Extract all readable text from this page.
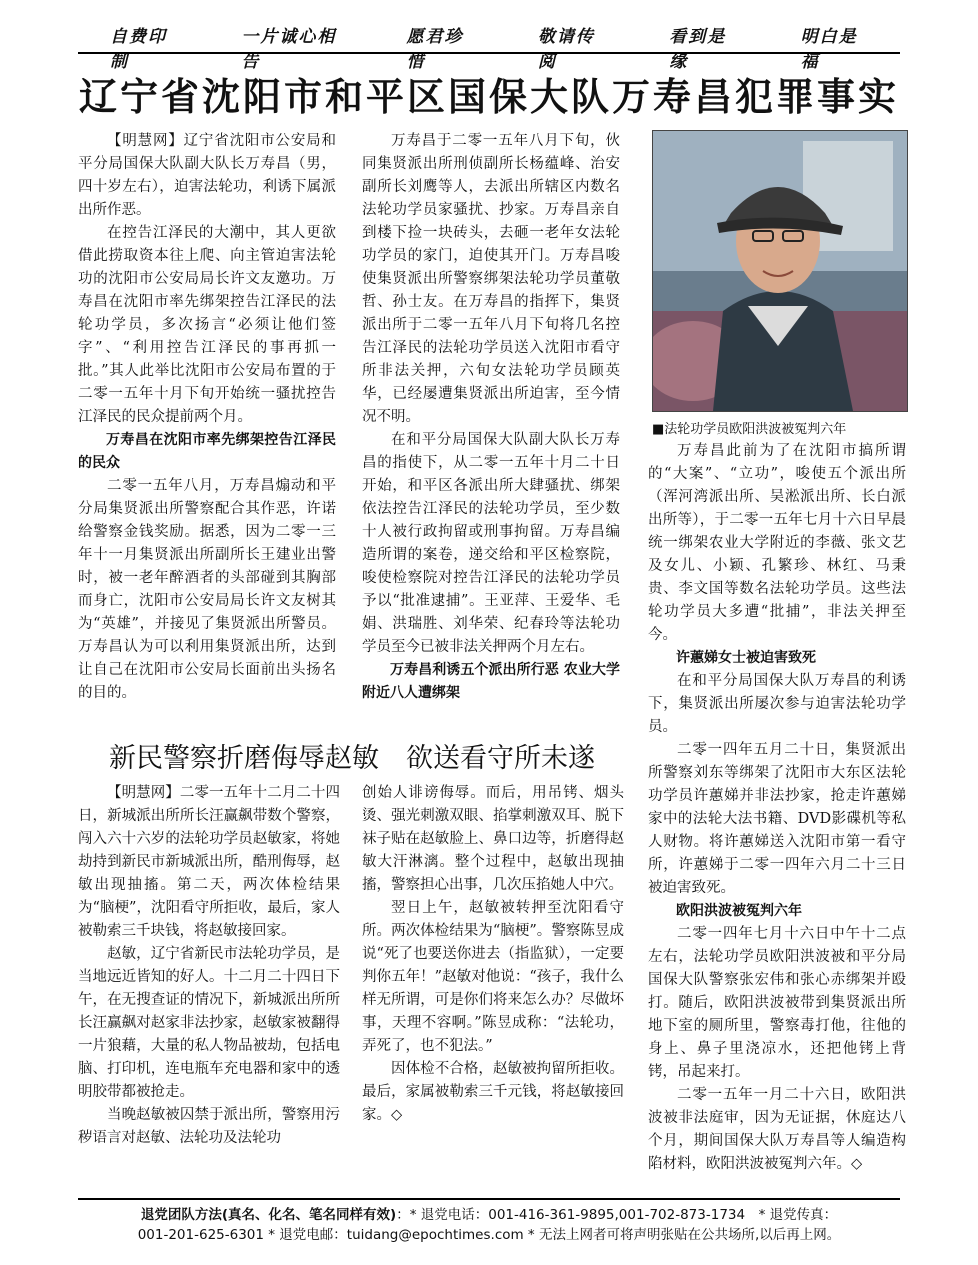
自费印制
一片诚心相告
愿君珍惜
敬请传阅
看到是缘
明白是福
辽宁省沈阳市和平区国保大队万寿昌犯罪事实

【明慧网】辽宁省沈阳市公安局和平分局国保大队副大队长万寿昌（男，四十岁左右），迫害法轮功，利诱下属派出所作恶。

在控告江泽民的大潮中，其人更欲借此捞取资本往上爬、向主管迫害法轮功的沈阳市公安局局长许文友邀功。万寿昌在沈阳市率先绑架控告江泽民的法轮功学员，多次扬言“必须让他们签字”、“利用控告江泽民的事再抓一批。”其人此举比沈阳市公安局布置的于二零一五年十月下旬开始统一骚扰控告江泽民的民众提前两个月。

万寿昌在沈阳市率先绑架控告江泽民的民众

二零一五年八月，万寿昌煽动和平分局集贤派出所警察配合其作恶，许诺给警察金钱奖励。据悉，因为二零一三年十一月集贤派出所副所长王建业出警时，被一老年醉酒者的头部碰到其胸部而身亡，沈阳市公安局局长许文友树其为“英雄”，并接见了集贤派出所警员。万寿昌认为可以利用集贤派出所，达到让自己在沈阳市公安局长面前出头扬名的目的。

万寿昌于二零一五年八月下旬，伙同集贤派出所刑侦副所长杨蕴峰、治安副所长刘鹰等人，去派出所辖区内数名法轮功学员家骚扰、抄家。万寿昌亲自到楼下捡一块砖头，去砸一老年女法轮功学员的家门，迫使其开门。万寿昌唆使集贤派出所警察绑架法轮功学员董敬哲、孙士友。在万寿昌的指挥下，集贤派出所于二零一五年八月下旬将几名控告江泽民的法轮功学员送入沈阳市看守所非法关押，六旬女法轮功学员顾英华，已经屡遭集贤派出所迫害，至今情况不明。

在和平分局国保大队副大队长万寿昌的指使下，从二零一五年十月二十日开始，和平区各派出所大肆骚扰、绑架依法控告江泽民的法轮功学员，至少数十人被行政拘留或刑事拘留。万寿昌编造所谓的案卷，递交给和平区检察院，唆使检察院对控告江泽民的法轮功学员予以“批准逮捕”。王亚萍、王爱华、毛娟、洪瑞胜、刘华荣、纪春玲等法轮功学员至今已被非法关押两个月左右。

万寿昌利诱五个派出所行恶 农业大学附近八人遭绑架
■法轮功学员欧阳洪波被冤判六年

万寿昌此前为了在沈阳市搞所谓的“大案”、“立功”，唆使五个派出所（浑河湾派出所、吴淞派出所、长白派出所等），于二零一五年七月十六日早晨统一绑架农业大学附近的李薇、张文艺及女儿、小颖、孔繁珍、林红、马秉贵、李文国等数名法轮功学员。这些法轮功学员大多遭“批捕”，非法关押至今。

许蕙娣女士被迫害致死

在和平分局国保大队万寿昌的利诱下，集贤派出所屡次参与迫害法轮功学员。

二零一四年五月二十日，集贤派出所警察刘东等绑架了沈阳市大东区法轮功学员许蕙娣并非法抄家，抢走许蕙娣家中的法轮大法书籍、DVD影碟机等私人财物。将许蕙娣送入沈阳市第一看守所，许蕙娣于二零一四年六月二十三日被迫害致死。

欧阳洪波被冤判六年

二零一四年七月十六日中午十二点左右，法轮功学员欧阳洪波被和平分局国保大队警察张宏伟和张心赤绑架并殴打。随后，欧阳洪波被带到集贤派出所地下室的厕所里，警察毒打他，往他的身上、鼻子里浇凉水，还把他铐上背铐，吊起来打。

二零一五年一月二十六日，欧阳洪波被非法庭审，因为无证据，休庭达八个月，期间国保大队万寿昌等人编造构陷材料，欧阳洪波被冤判六年。◇

新民警察折磨侮辱赵敏　欲送看守所未遂

【明慧网】二零一五年十二月二十四日，新城派出所所长汪赢飙带数个警察，闯入六十六岁的法轮功学员赵敏家，将她劫持到新民市新城派出所，酷刑侮辱，赵敏出现抽搐。第二天，两次体检结果为“脑梗”，沈阳看守所拒收，最后，家人被勒索三千块钱，将赵敏接回家。

赵敏，辽宁省新民市法轮功学员，是当地远近皆知的好人。十二月二十四日下午，在无搜查证的情况下，新城派出所所长汪赢飙对赵家非法抄家，赵敏家被翻得一片狼藉，大量的私人物品被劫，包括电脑、打印机，连电瓶车充电器和家中的透明胶带都被抢走。

当晚赵敏被囚禁于派出所，警察用污秽语言对赵敏、法轮功及法轮功

创始人诽谤侮辱。而后，用吊铐、烟头烫、强光刺激双眼、掐掌刺激双耳、脱下袜子贴在赵敏脸上、鼻口边等，折磨得赵敏大汗淋漓。整个过程中，赵敏出现抽搐，警察担心出事，几次压掐她人中穴。

翌日上午，赵敏被转押至沈阳看守所。两次体检结果为“脑梗”。警察陈昱成说“死了也要送你进去（指监狱），一定要判你五年！”赵敏对他说：“孩子，我什么样无所谓，可是你们将来怎么办？尽做坏事，天理不容啊。”陈昱成称：“法轮功，弄死了，也不犯法。”

因体检不合格，赵敏被拘留所拒收。最后，家属被勒索三千元钱，将赵敏接回家。◇

退党团队方法(真名、化名、笔名同样有效)：* 退党电话：001-416-361-9895,001-702-873-1734　* 退党传真：
001-201-625-6301 * 退党电邮：tuidang@epochtimes.com * 无法上网者可将声明张贴在公共场所,以后再上网。
